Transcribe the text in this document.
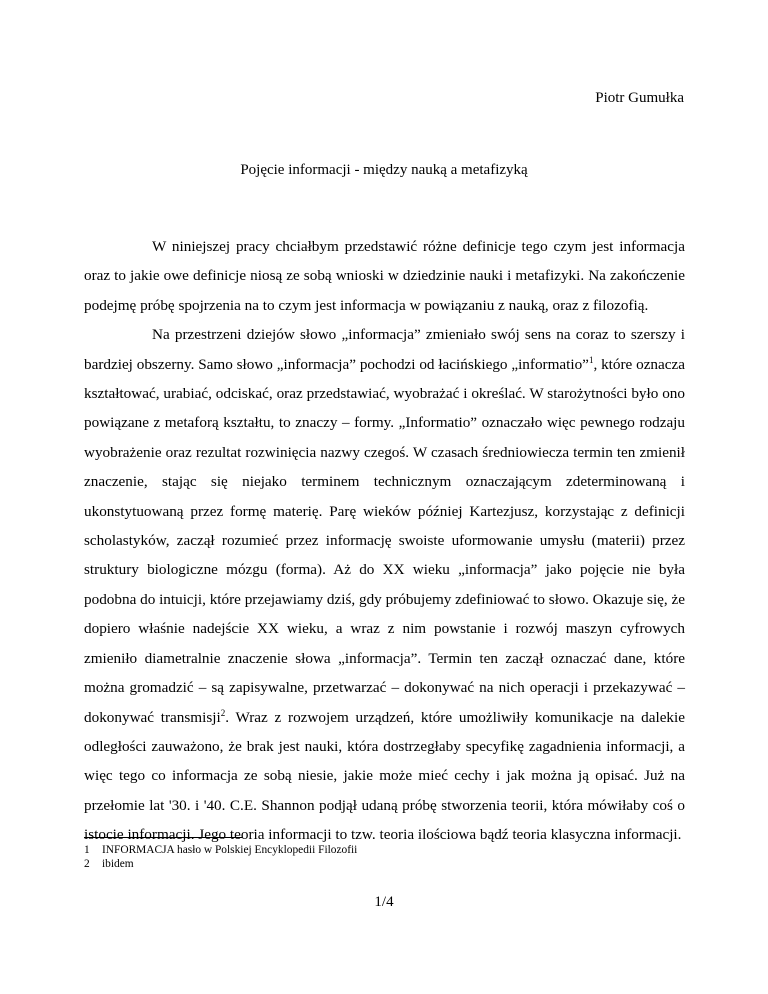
Piotr Gumułka

Pojęcie informacji - między nauką a metafizyką

W niniejszej pracy chciałbym przedstawić różne definicje tego czym jest informacja oraz to jakie owe definicje niosą ze sobą wnioski w dziedzinie nauki i metafizyki. Na zakończenie podejmę próbę spojrzenia na to czym jest informacja w powiązaniu z nauką, oraz z filozofią.

Na przestrzeni dziejów słowo „informacja” zmieniało swój sens na coraz to szerszy i bardziej obszerny. Samo słowo „informacja” pochodzi od łacińskiego „informatio”$^1$, które oznacza kształtować, urabiać, odciskać, oraz przedstawiać, wyobrażać i określać. W starożytności było ono powiązane z metaforą kształtu, to znaczy – formy. „Informatio” oznaczało więc pewnego rodzaju wyobrażenie oraz rezultat rozwinięcia nazwy czegoś. W czasach średniowiecza termin ten zmienił znaczenie, stając się niejako terminem technicznym oznaczającym zdeterminowaną i ukonstytuowaną przez formę materię. Parę wieków później Kartezjusz, korzystając z definicji scholastyków, zaczął rozumieć przez informację swoiste uformowanie umysłu (materii) przez struktury biologiczne mózgu (forma). Aż do XX wieku „informacja” jako pojęcie nie była podobna do intuicji, które przejawiamy dziś, gdy próbujemy zdefiniować to słowo. Okazuje się, że dopiero właśnie nadejście XX wieku, a wraz z nim powstanie i rozwój maszyn cyfrowych zmieniło diametralnie znaczenie słowa „informacja”. Termin ten zaczął oznaczać dane, które można gromadzić – są zapisywalne, przetwarzać – dokonywać na nich operacji i przekazywać – dokonywać transmisji$^2$. Wraz z rozwojem urządzeń, które umożliwiły komunikacje na dalekie odległości zauważono, że brak jest nauki, która dostrzegłaby specyfikę zagadnienia informacji, a więc tego co informacja ze sobą niesie, jakie może mieć cechy i jak można ją opisać. Już na przełomie lat '30. i '40. C.E. Shannon podjął udaną próbę stworzenia teorii, która mówiłaby coś o istocie informacji. Jego teoria informacji to tzw. teoria ilościowa bądź teoria klasyczna informacji.

1	INFORMACJA hasło w Polskiej Encyklopedii Filozofii
2	ibidem
1/4
